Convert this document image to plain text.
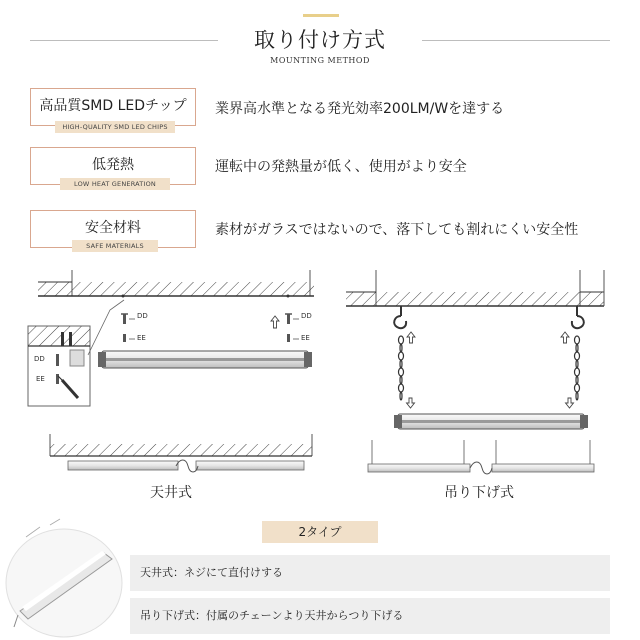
取り付け方式
MOUNTING METHOD
高品質SMD LEDチップ
HIGH-QUALITY SMD LED CHIPS
業界高水準となる発光効率200LM/Wを達する
低発熱
LOW HEAT GENERATION
運転中の発熱量が低く、使用がより安全
安全材料
SAFE MATERIALS
素材がガラスではないので、落下しても割れにくい安全性
DD
EE
DD
EE
DD
EE
天井式	吊り下げ式
2タイプ
天井式：ネジにて直付けする
吊り下げ式：付属のチェーンより天井からつり下げる
